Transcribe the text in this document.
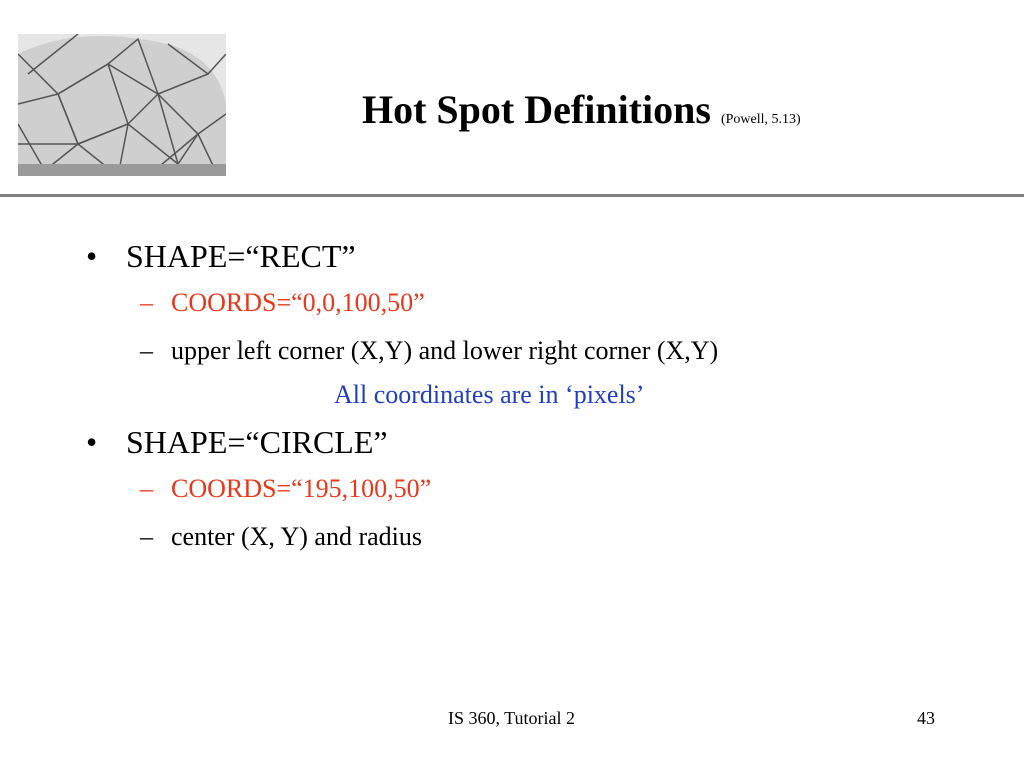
Hot Spot Definitions (Powell, 5.13)
• SHAPE=“RECT”
– COORDS=“0,0,100,50”
– upper left corner (X,Y) and lower right corner (X,Y)
All coordinates are in ‘pixels’
• SHAPE=“CIRCLE”
– COORDS=“195,100,50”
– center (X, Y) and radius
IS 360, Tutorial 2	43
